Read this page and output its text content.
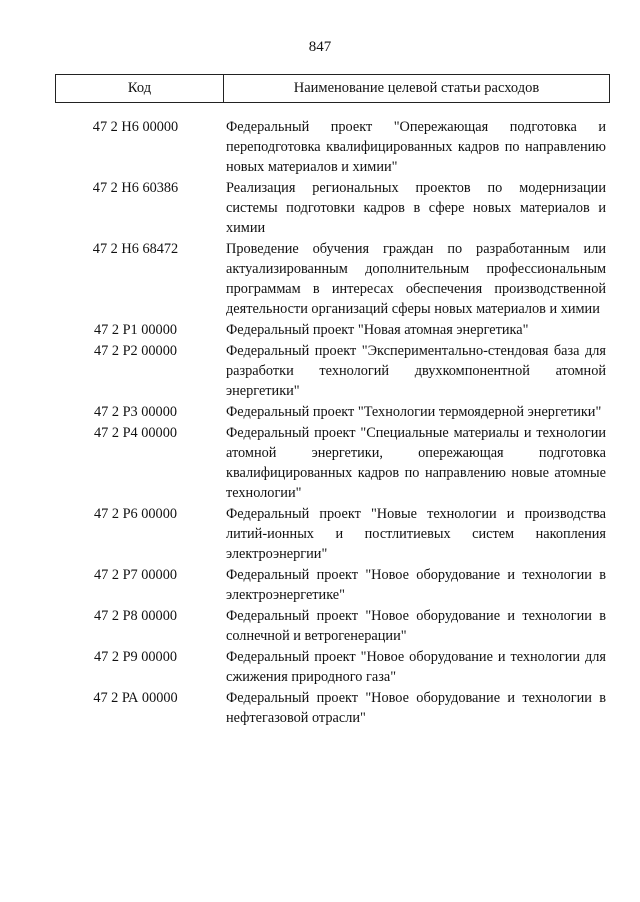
847
Код	Наименование целевой статьи расходов
47 2 Н6 00000	Федеральный проект "Опережающая подготовка и переподготовка квалифицированных кадров по направлению новых материалов и химии"
47 2 Н6 60386	Реализация региональных проектов по модернизации системы подготовки кадров в сфере новых материалов и химии
47 2 Н6 68472	Проведение обучения граждан по разработанным или актуализированным дополнительным профессиональным программам в интересах обеспечения производственной деятельности организаций сферы новых материалов и химии
47 2 Р1 00000	Федеральный проект "Новая атомная энергетика"
47 2 Р2 00000	Федеральный проект "Экспериментально-стендовая база для разработки технологий двухкомпонентной атомной энергетики"
47 2 Р3 00000	Федеральный проект "Технологии термоядерной энергетики"
47 2 Р4 00000	Федеральный проект "Специальные материалы и технологии атомной энергетики, опережающая подготовка квалифицированных кадров по направлению новые атомные технологии"
47 2 Р6 00000	Федеральный проект "Новые технологии и производства литий-ионных и постлитиевых систем накопления электроэнергии"
47 2 Р7 00000	Федеральный проект "Новое оборудование и технологии в электроэнергетике"
47 2 Р8 00000	Федеральный проект "Новое оборудование и технологии в солнечной и ветрогенерации"
47 2 Р9 00000	Федеральный проект "Новое оборудование и технологии для сжижения природного газа"
47 2 РА 00000	Федеральный проект "Новое оборудование и технологии в нефтегазовой отрасли"
